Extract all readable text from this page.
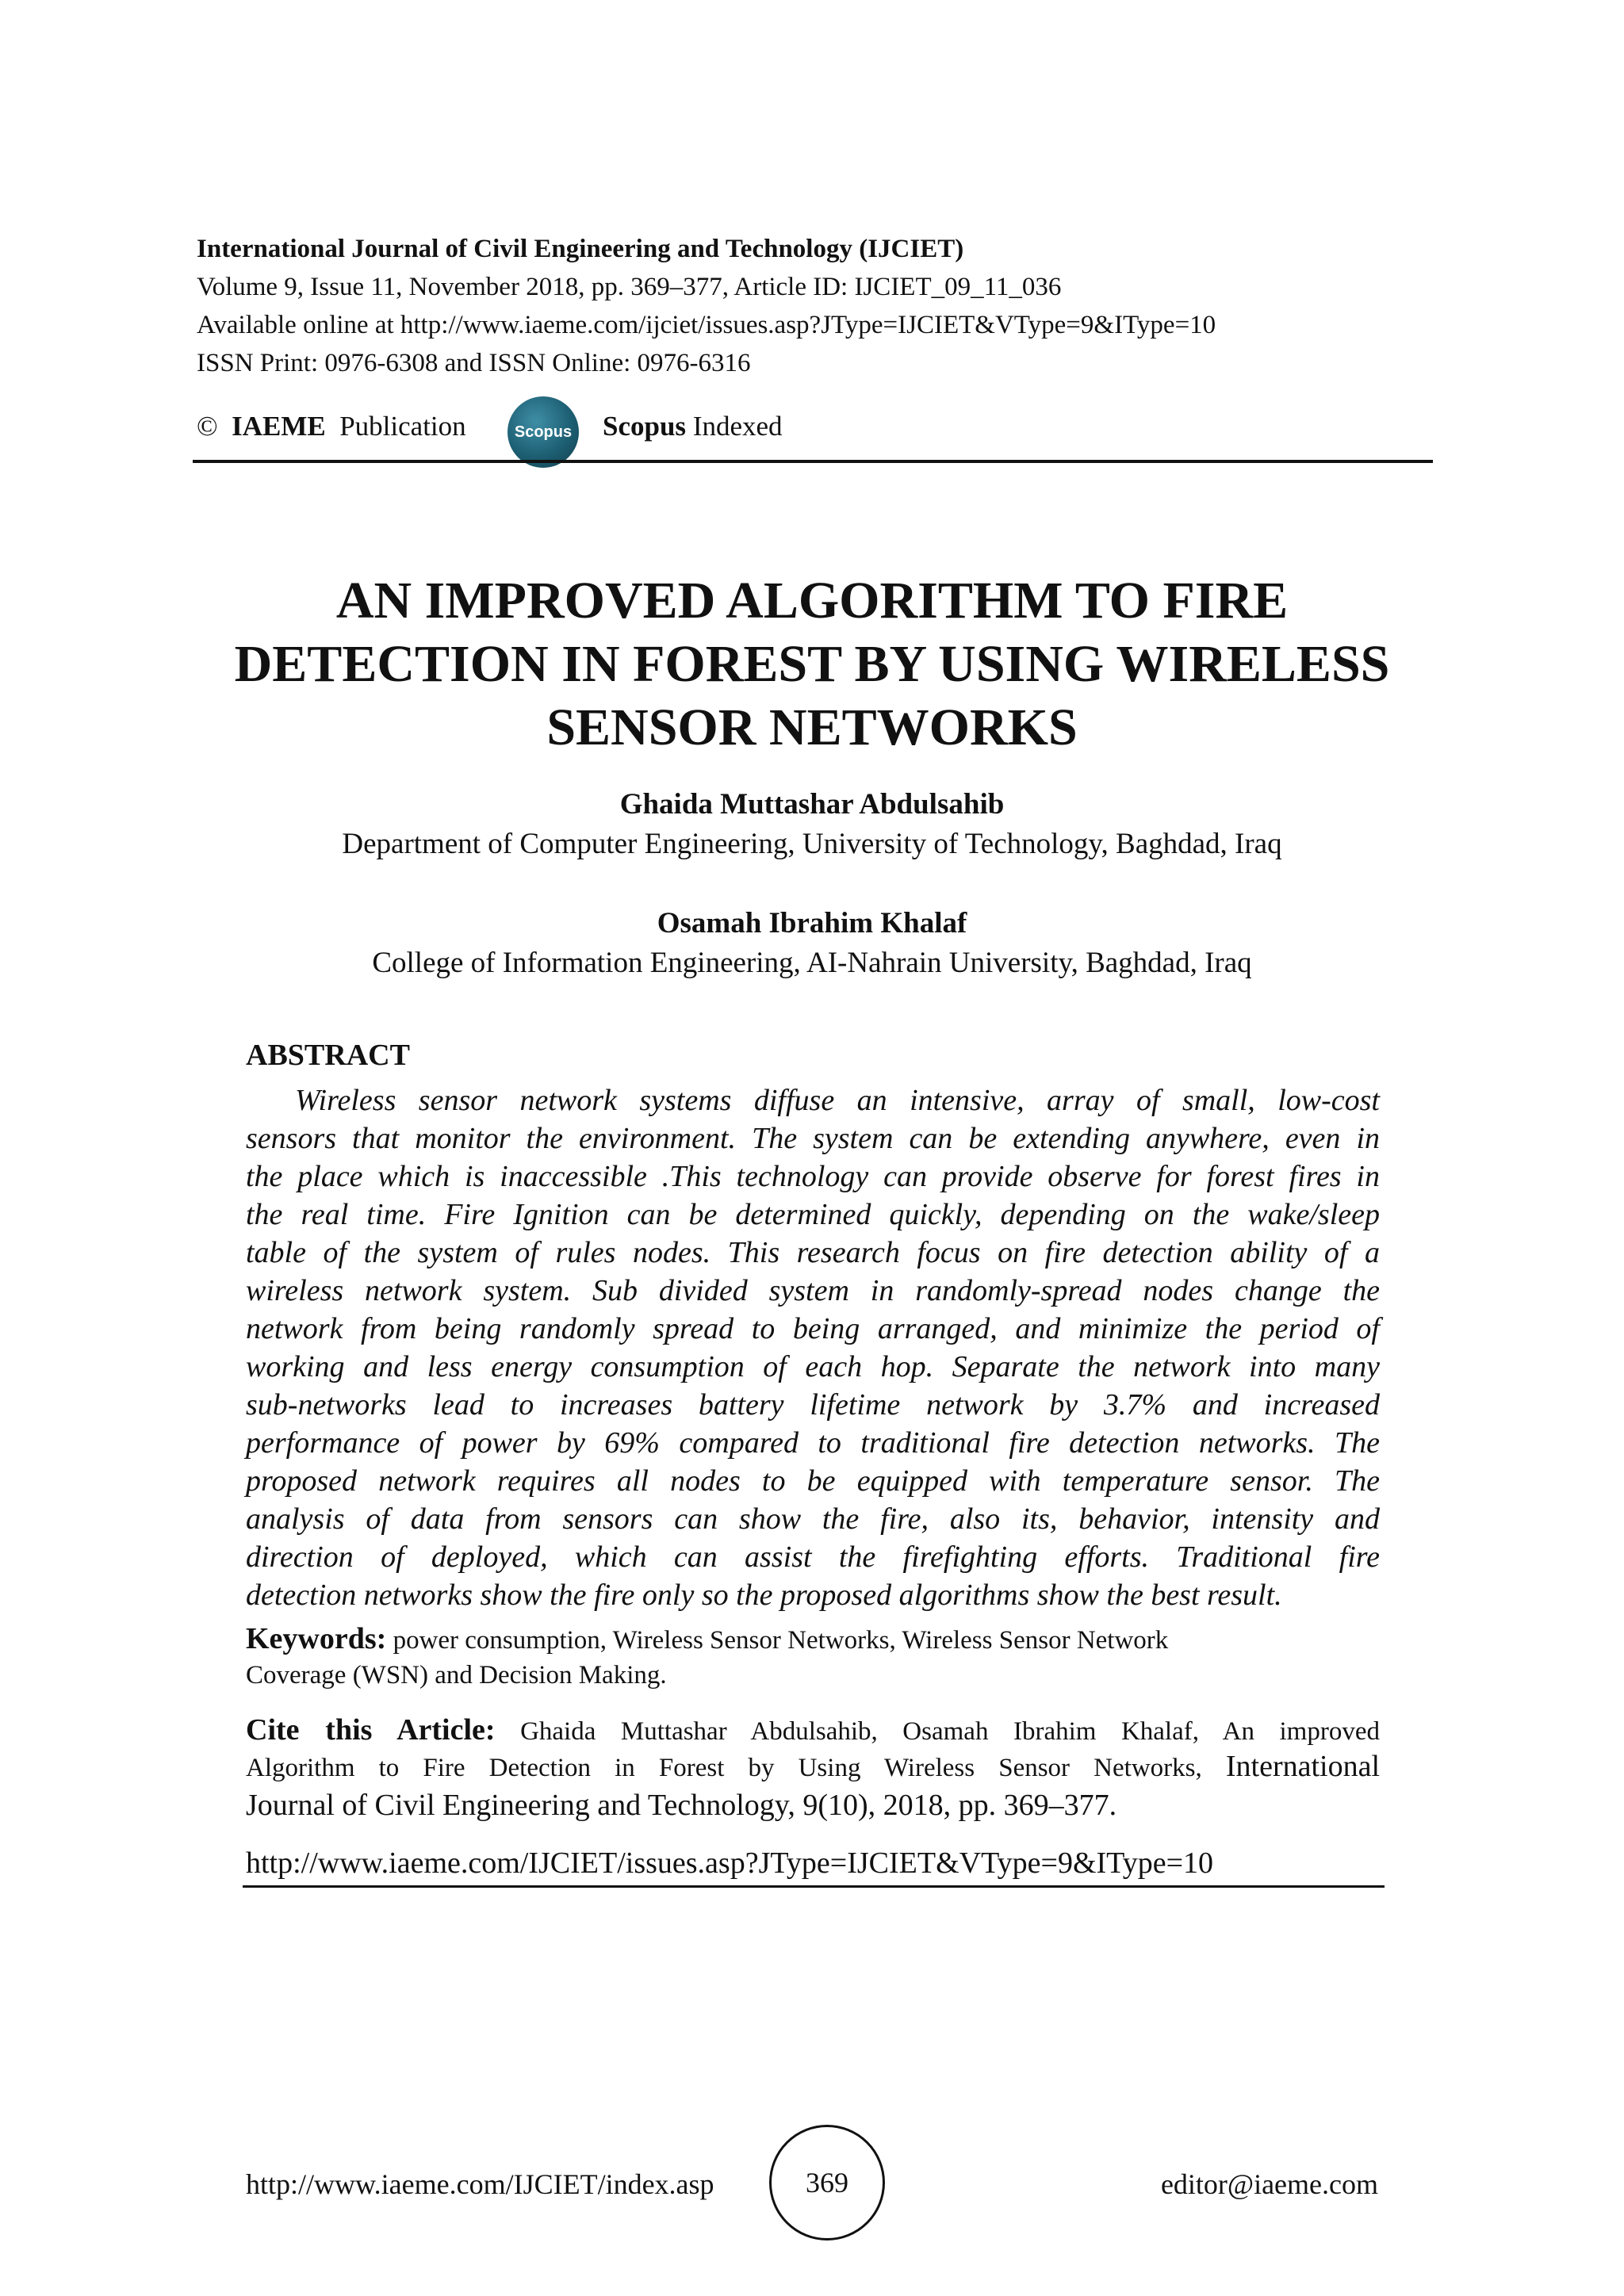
International Journal of Civil Engineering and Technology (IJCIET)
Volume 9, Issue 11, November 2018, pp. 369–377, Article ID: IJCIET_09_11_036
Available online at http://www.iaeme.com/ijciet/issues.asp?JType=IJCIET&VType=9&IType=10
ISSN Print: 0976-6308 and ISSN Online: 0976-6316
© IAEME Publication	Scopus Scopus Indexed
AN IMPROVED ALGORITHM TO FIRE
DETECTION IN FOREST BY USING WIRELESS
SENSOR NETWORKS
Ghaida Muttashar Abdulsahib
Department of Computer Engineering, University of Technology, Baghdad, Iraq
Osamah Ibrahim Khalaf
College of Information Engineering, AI-Nahrain University, Baghdad, Iraq
ABSTRACT
Wireless sensor network systems diffuse an intensive, array of small, low-cost
sensors that monitor the environment. The system can be extending anywhere, even in
the place which is inaccessible .This technology can provide observe for forest fires in
the real time. Fire Ignition can be determined quickly, depending on the wake/sleep
table of the system of rules nodes. This research focus on fire detection ability of a
wireless network system. Sub divided system in randomly-spread nodes change the
network from being randomly spread to being arranged, and minimize the period of
working and less energy consumption of each hop. Separate the network into many
sub-networks lead to increases battery lifetime network by 3.7% and increased
performance of power by 69% compared to traditional fire detection networks. The
proposed network requires all nodes to be equipped with temperature sensor. The
analysis of data from sensors can show the fire, also its, behavior, intensity and
direction of deployed, which can assist the firefighting efforts. Traditional fire
detection networks show the fire only so the proposed algorithms show the best result.
Keywords: power consumption, Wireless Sensor Networks, Wireless Sensor Network
Coverage (WSN) and Decision Making.
Cite this Article: Ghaida Muttashar Abdulsahib, Osamah Ibrahim Khalaf, An improved
Algorithm to Fire Detection in Forest by Using Wireless Sensor Networks, International
Journal of Civil Engineering and Technology, 9(10), 2018, pp. 369–377.
http://www.iaeme.com/IJCIET/issues.asp?JType=IJCIET&VType=9&IType=10
http://www.iaeme.com/IJCIET/index.asp	369	editor@iaeme.com
